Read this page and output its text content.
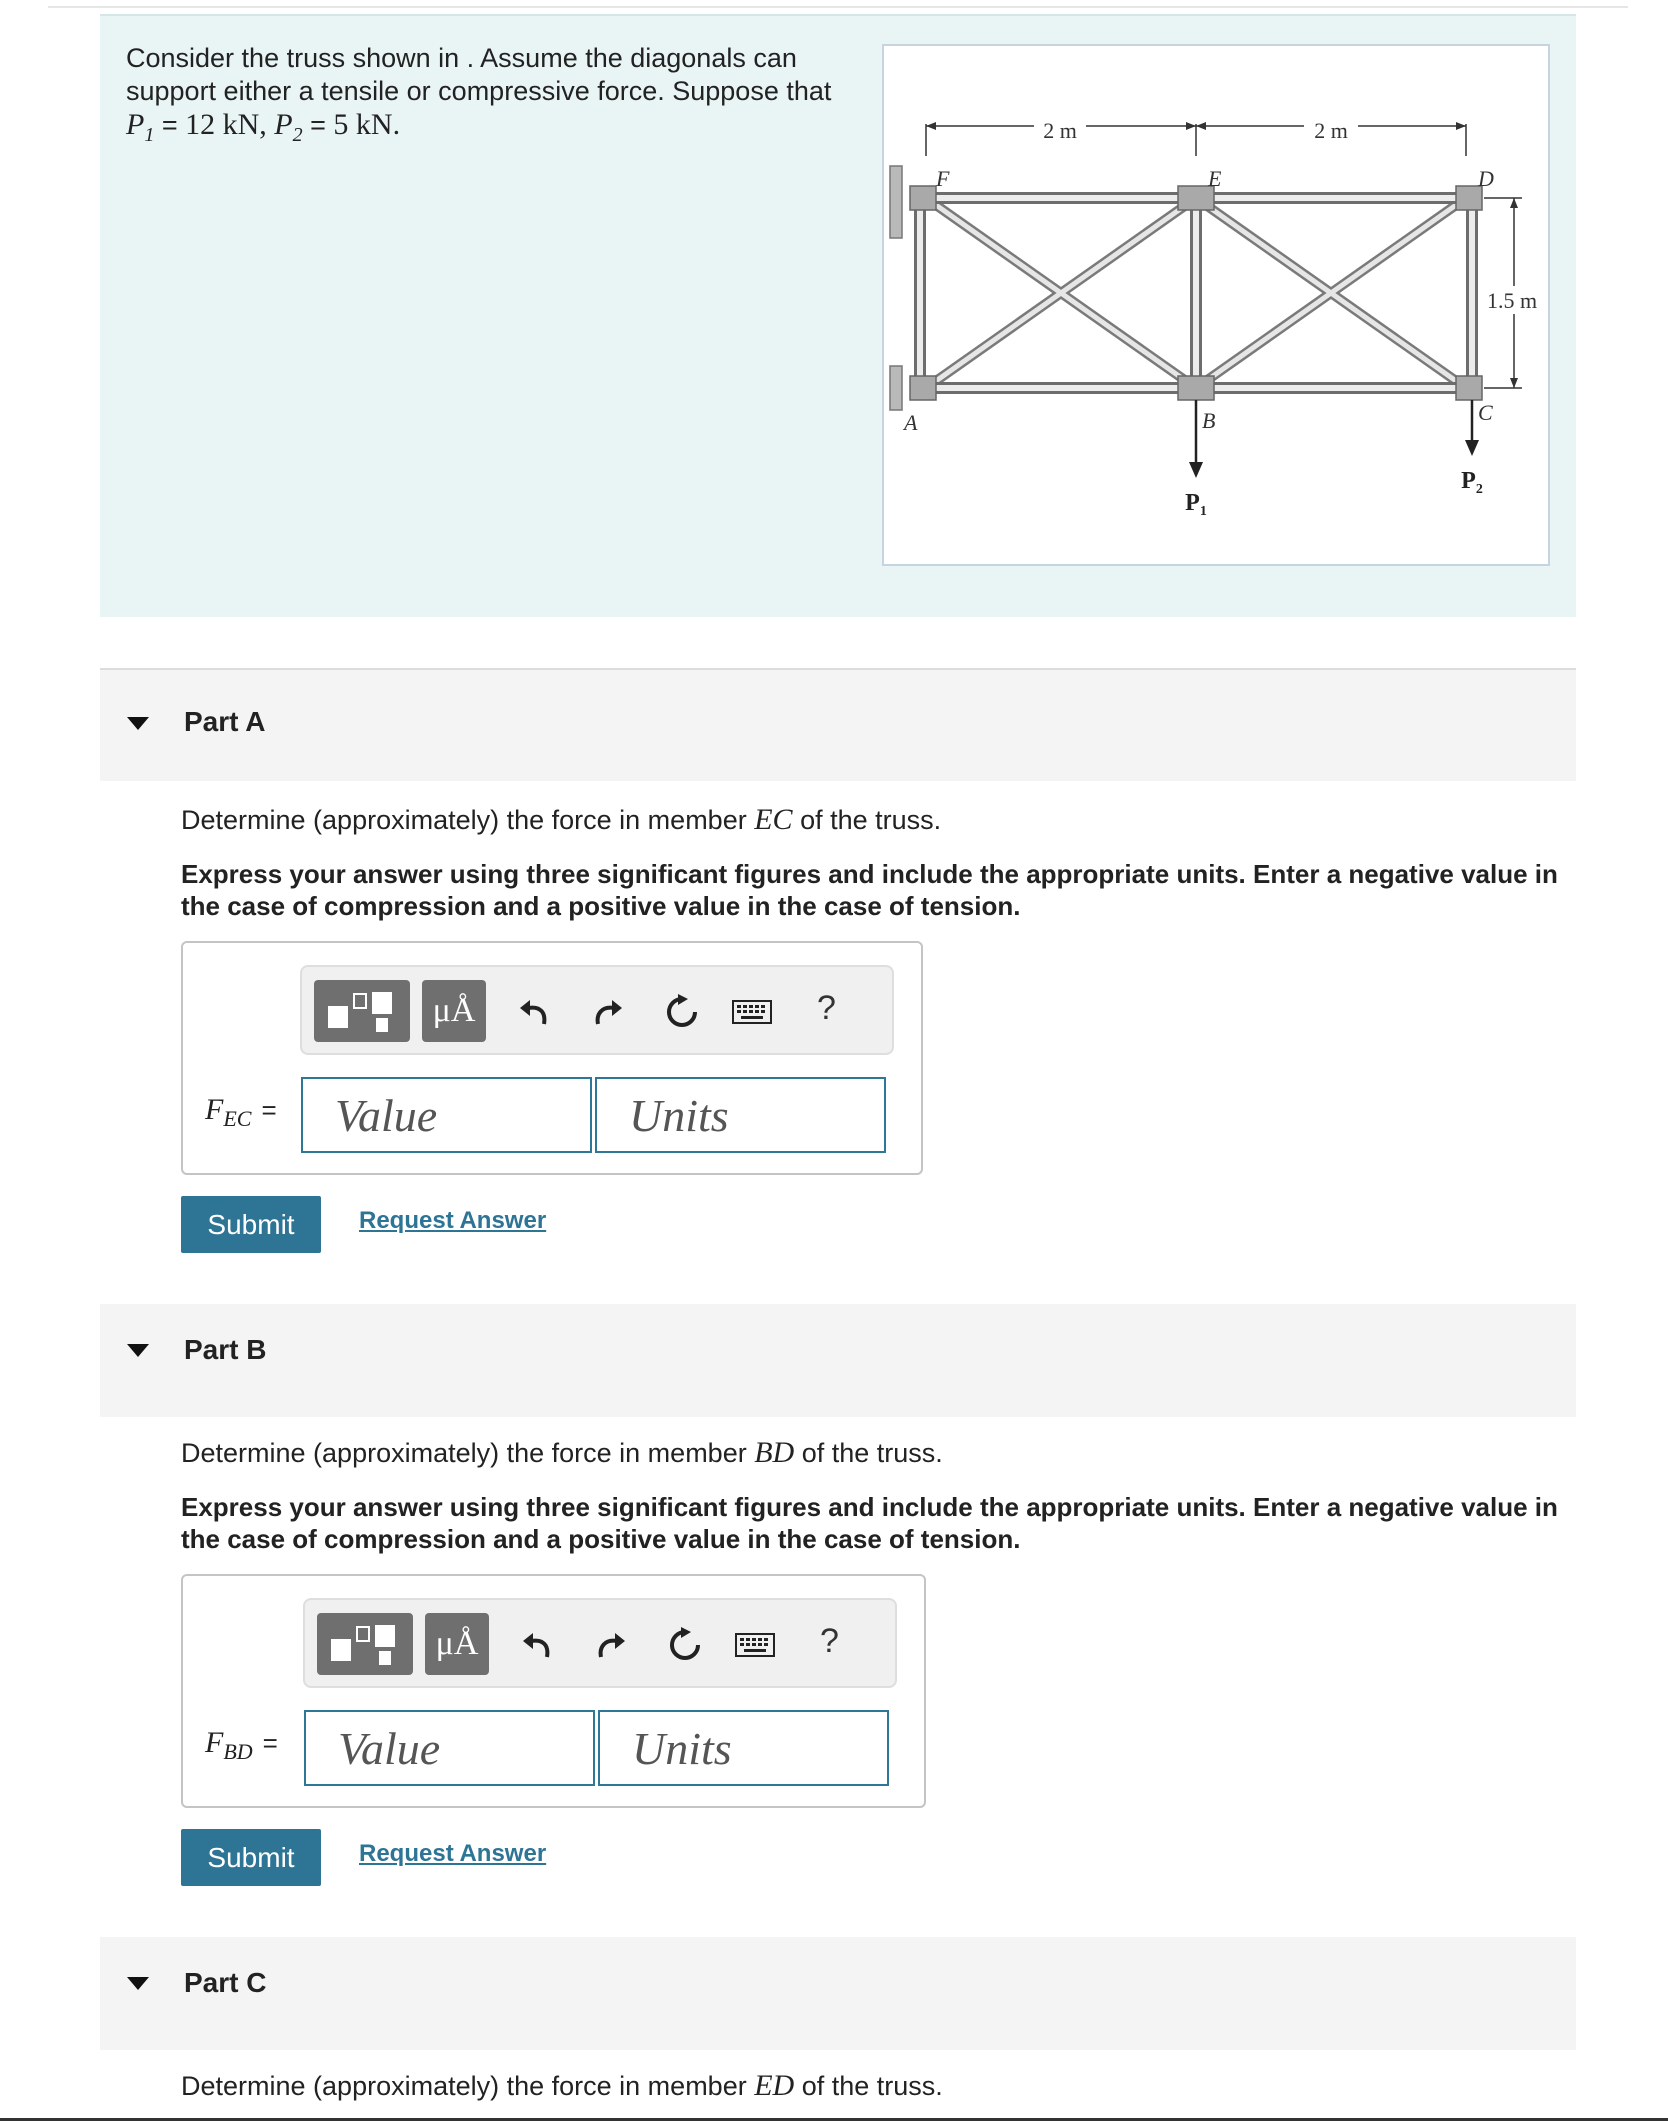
Consider the truss shown in . Assume the diagonals can support either a tensile or compressive force. Suppose that $P_1 = 12$ kN, $P_2 = 5$ kN.	2 m	2 m
1.5 m
$P_1$
$P_2$
F	E	D
A	B	C
Part A
Determine (approximately) the force in member EC of the truss.
Express your answer using three significant figures and include the appropriate units. Enter a negative value in the case of compression and a positive value in the case of tension.
μÅ	?
$F_{EC}$ =
Value
Units
Submit	Request Answer
Part B
Determine (approximately) the force in member BD of the truss.
Express your answer using three significant figures and include the appropriate units. Enter a negative value in the case of compression and a positive value in the case of tension.
μÅ	?
$F_{BD}$ =
Value
Units
Submit	Request Answer
Part C
Determine (approximately) the force in member ED of the truss.
